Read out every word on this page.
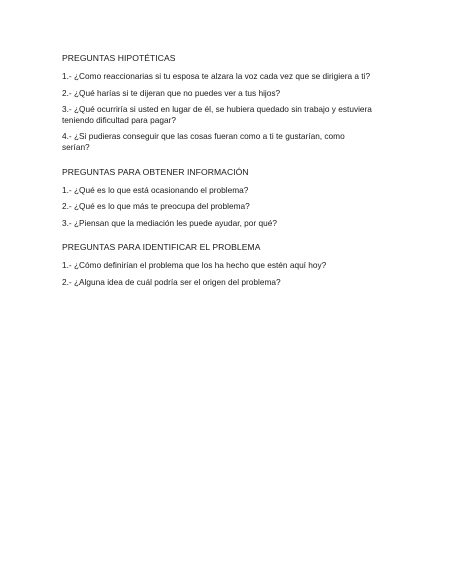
PREGUNTAS HIPOTÉTICAS
1.- ¿Como reaccionarias si tu esposa te alzara la voz cada vez que se dirigiera a ti?
2.- ¿Qué harías si te dijeran que no puedes ver a tus hijos?
3.- ¿Qué ocurriría si usted en lugar de él, se hubiera quedado sin trabajo y estuviera teniendo dificultad para pagar?
4.- ¿Si pudieras conseguir que las cosas fueran como a ti te gustarían, como serían?
PREGUNTAS PARA OBTENER INFORMACIÓN
1.- ¿Qué es lo que está ocasionando el problema?
2.- ¿Qué es lo que más te preocupa del problema?
3.- ¿Piensan que la mediación les puede ayudar, por qué?
PREGUNTAS PARA IDENTIFICAR EL PROBLEMA
1.- ¿Cómo definirían el problema que los ha hecho que estén aquí hoy?
2.- ¿Alguna idea de cuál podría ser el origen del problema?
